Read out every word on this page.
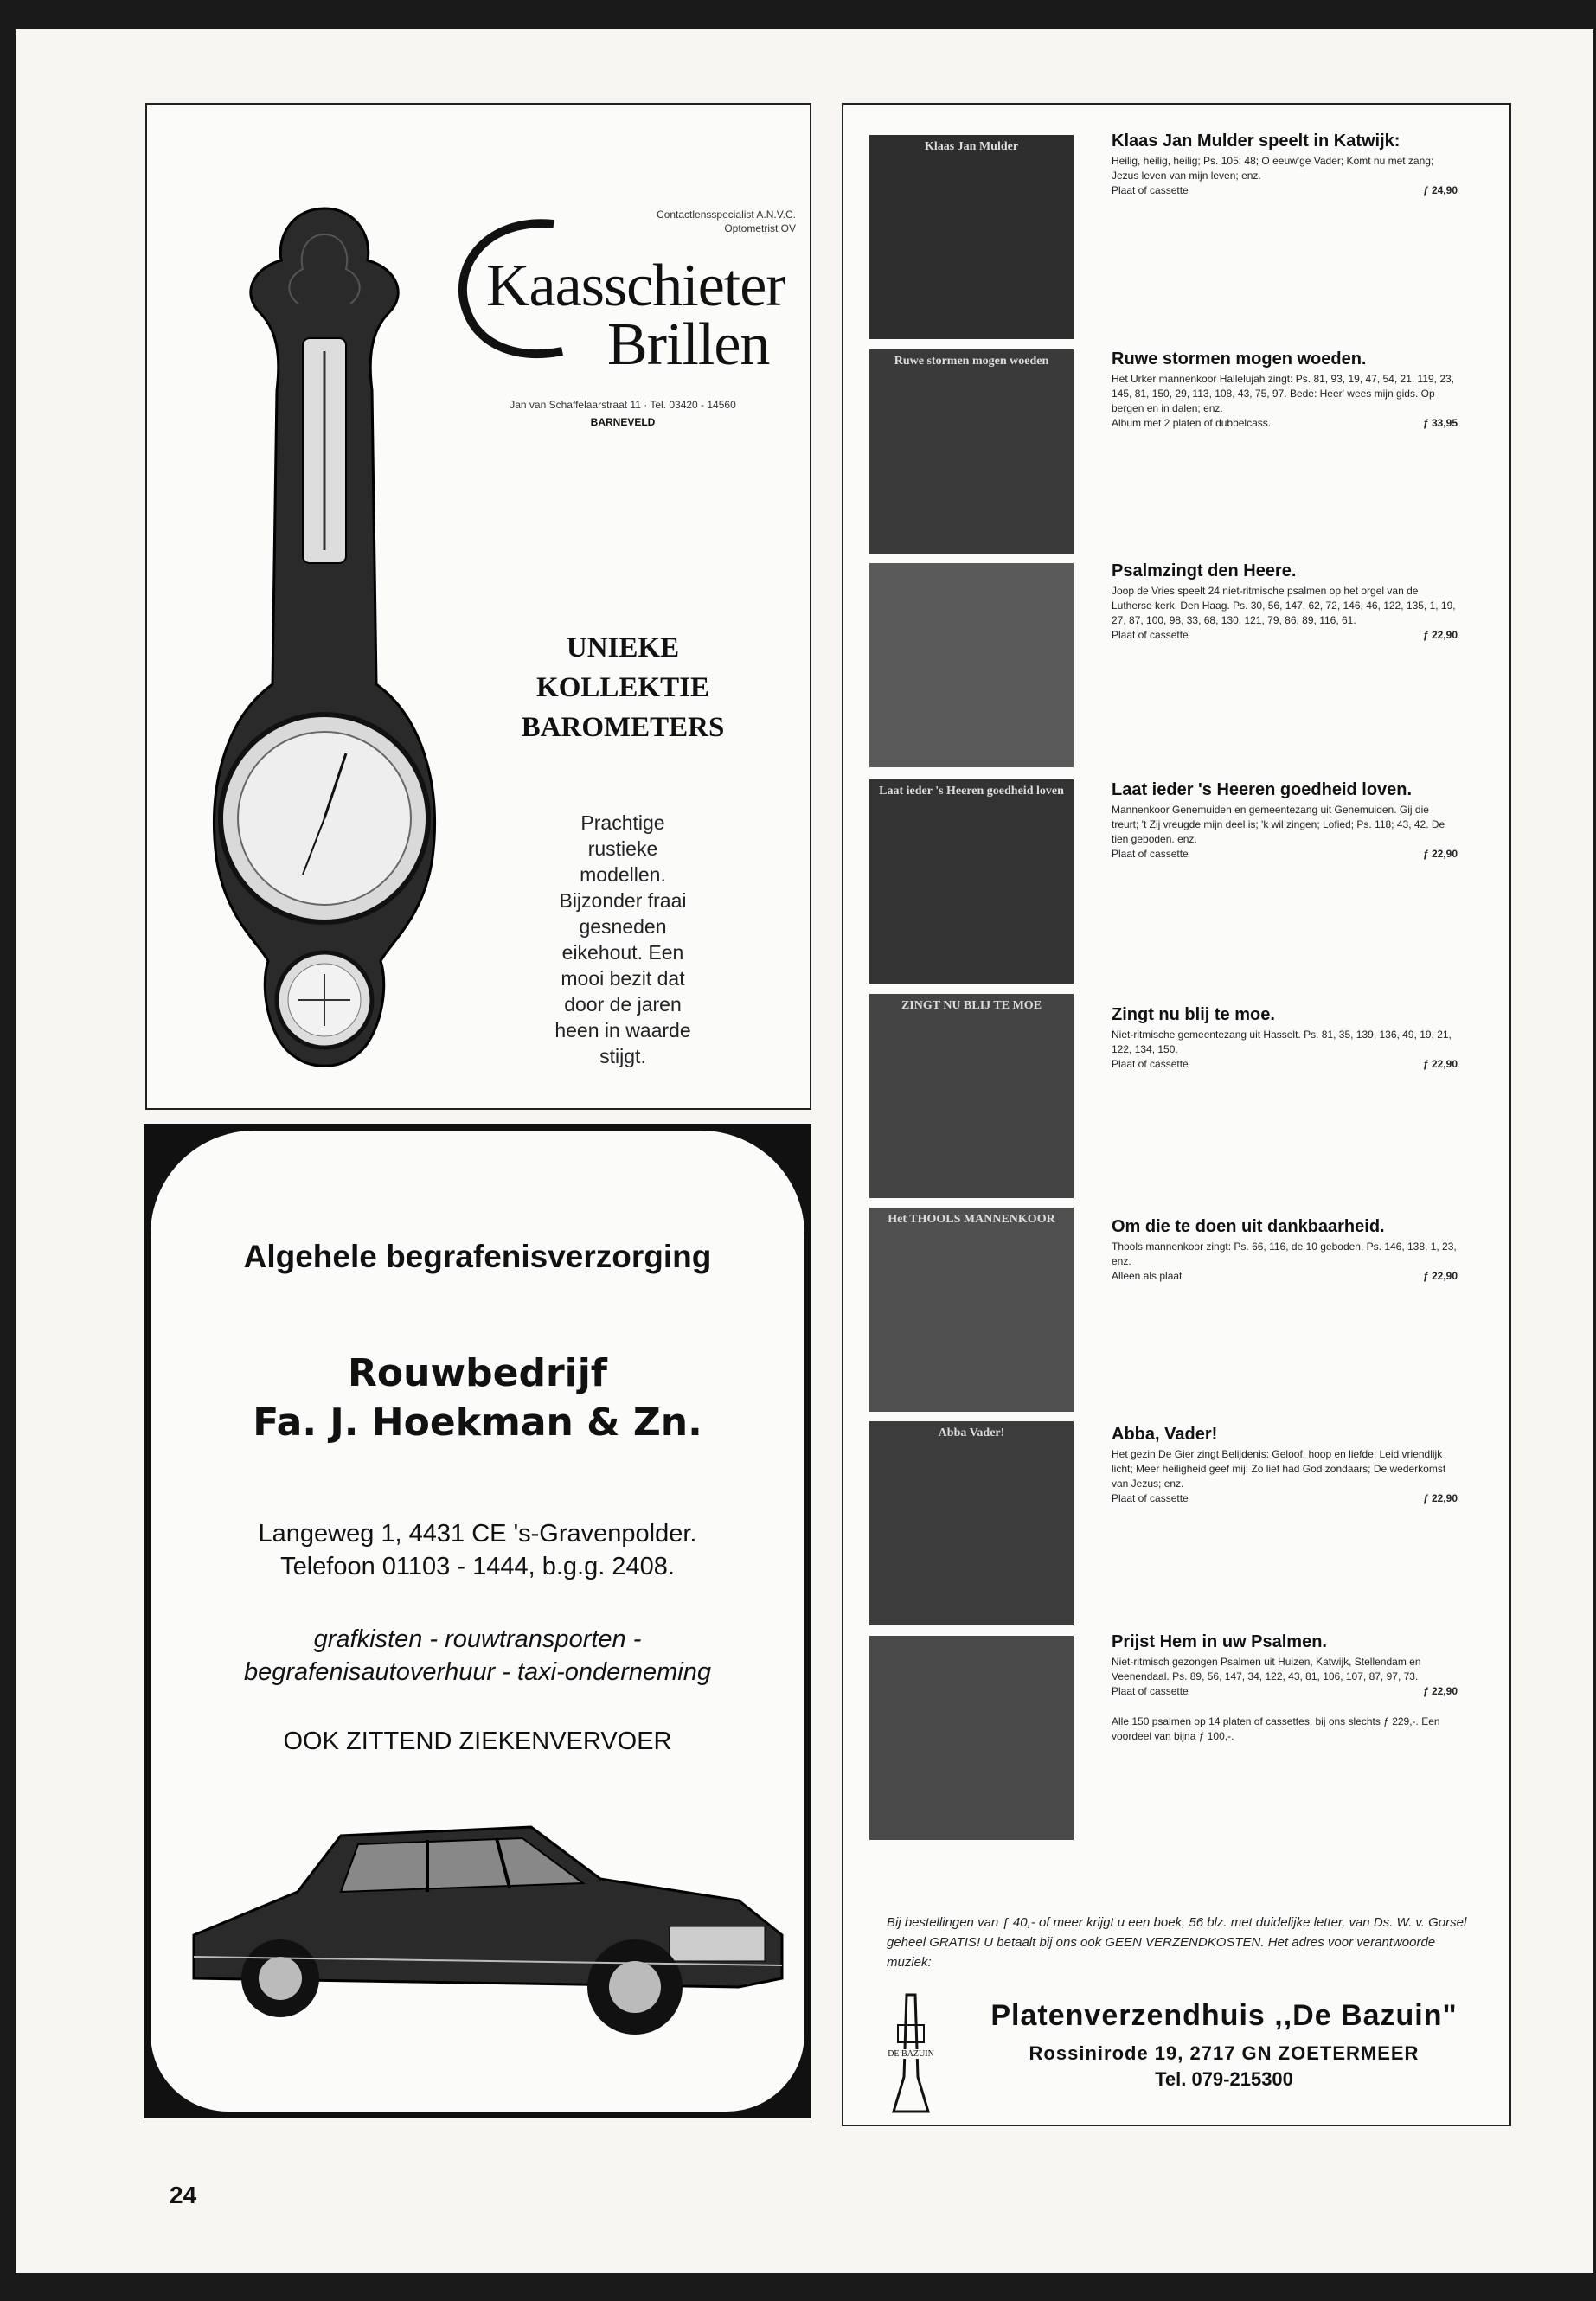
Contactlensspecialist A.N.V.C.
Optometrist OV
Kaasschieter
Brillen
Jan van Schaffelaarstraat 11 · Tel. 03420 - 14560
BARNEVELD
UNIEKE
KOLLEKTIE
BAROMETERS
Prachtige
rustieke
modellen.
Bijzonder fraai
gesneden
eikehout. Een
mooi bezit dat
door de jaren
heen in waarde
stijgt.
Algehele begrafenisverzorging
Rouwbedrijf
Fa. J. Hoekman & Zn.
Langeweg 1, 4431 CE 's-Gravenpolder.
Telefoon 01103 - 1444, b.g.g. 2408.
grafkisten - rouwtransporten -
begrafenisautoverhuur - taxi-onderneming
OOK ZITTEND ZIEKENVERVOER
Klaas Jan Mulder	Klaas Jan Mulder speelt in Katwijk:
Heilig, heilig, heilig; Ps. 105; 48; O eeuw'ge Vader; Komt nu met zang; Jezus leven van mijn leven; enz.
Plaat of cassette	ƒ 24,90
Ruwe stormen mogen woeden	Ruwe stormen mogen woeden.
Het Urker mannenkoor Hallelujah zingt: Ps. 81, 93, 19, 47, 54, 21, 119, 23, 145, 81, 150, 29, 113, 108, 43, 75, 97. Bede: Heer' wees mijn gids. Op bergen en in dalen; enz.
Album met 2 platen of dubbelcass.	ƒ 33,95
Psalmzingt den Heere.
Joop de Vries speelt 24 niet-ritmische psalmen op het orgel van de Lutherse kerk. Den Haag. Ps. 30, 56, 147, 62, 72, 146, 46, 122, 135, 1, 19, 27, 87, 100, 98, 33, 68, 130, 121, 79, 86, 89, 116, 61.
Plaat of cassette	ƒ 22,90
Laat ieder 's Heeren goedheid loven	Laat ieder 's Heeren goedheid loven.
Mannenkoor Genemuiden en gemeentezang uit Genemuiden. Gij die treurt; 't Zij vreugde mijn deel is; 'k wil zingen; Lofied; Ps. 118; 43, 42. De tien geboden. enz.
Plaat of cassette	ƒ 22,90
ZINGT NU BLIJ TE MOE	Zingt nu blij te moe.
Niet-ritmische gemeentezang uit Hasselt. Ps. 81, 35, 139, 136, 49, 19, 21, 122, 134, 150.
Plaat of cassette	ƒ 22,90
Het THOOLS MANNENKOOR	Om die te doen uit dankbaarheid.
Thools mannenkoor zingt: Ps. 66, 116, de 10 geboden, Ps. 146, 138, 1, 23, enz.
Alleen als plaat	ƒ 22,90
Abba Vader!	Abba, Vader!
Het gezin De Gier zingt Belijdenis: Geloof, hoop en liefde; Leid vriendlijk licht; Meer heiligheid geef mij; Zo lief had God zondaars; De wederkomst van Jezus; enz.
Plaat of cassette	ƒ 22,90
Prijst Hem in uw Psalmen.
Niet-ritmisch gezongen Psalmen uit Huizen, Katwijk, Stellendam en Veenendaal. Ps. 89, 56, 147, 34, 122, 43, 81, 106, 107, 87, 97, 73.
Plaat of cassette	ƒ 22,90
Alle 150 psalmen op 14 platen of cassettes, bij ons slechts ƒ 229,-. Een voordeel van bijna ƒ 100,-.
Bij bestellingen van ƒ 40,- of meer krijgt u een boek, 56 blz. met duidelijke letter, van Ds. W. v. Gorsel geheel GRATIS! U betaalt bij ons ook GEEN VERZENDKOSTEN. Het adres voor verantwoorde muziek:
DE BAZUIN
Platenverzendhuis ,,De Bazuin"
Rossinirode 19, 2717 GN ZOETERMEER
Tel. 079-215300
24
